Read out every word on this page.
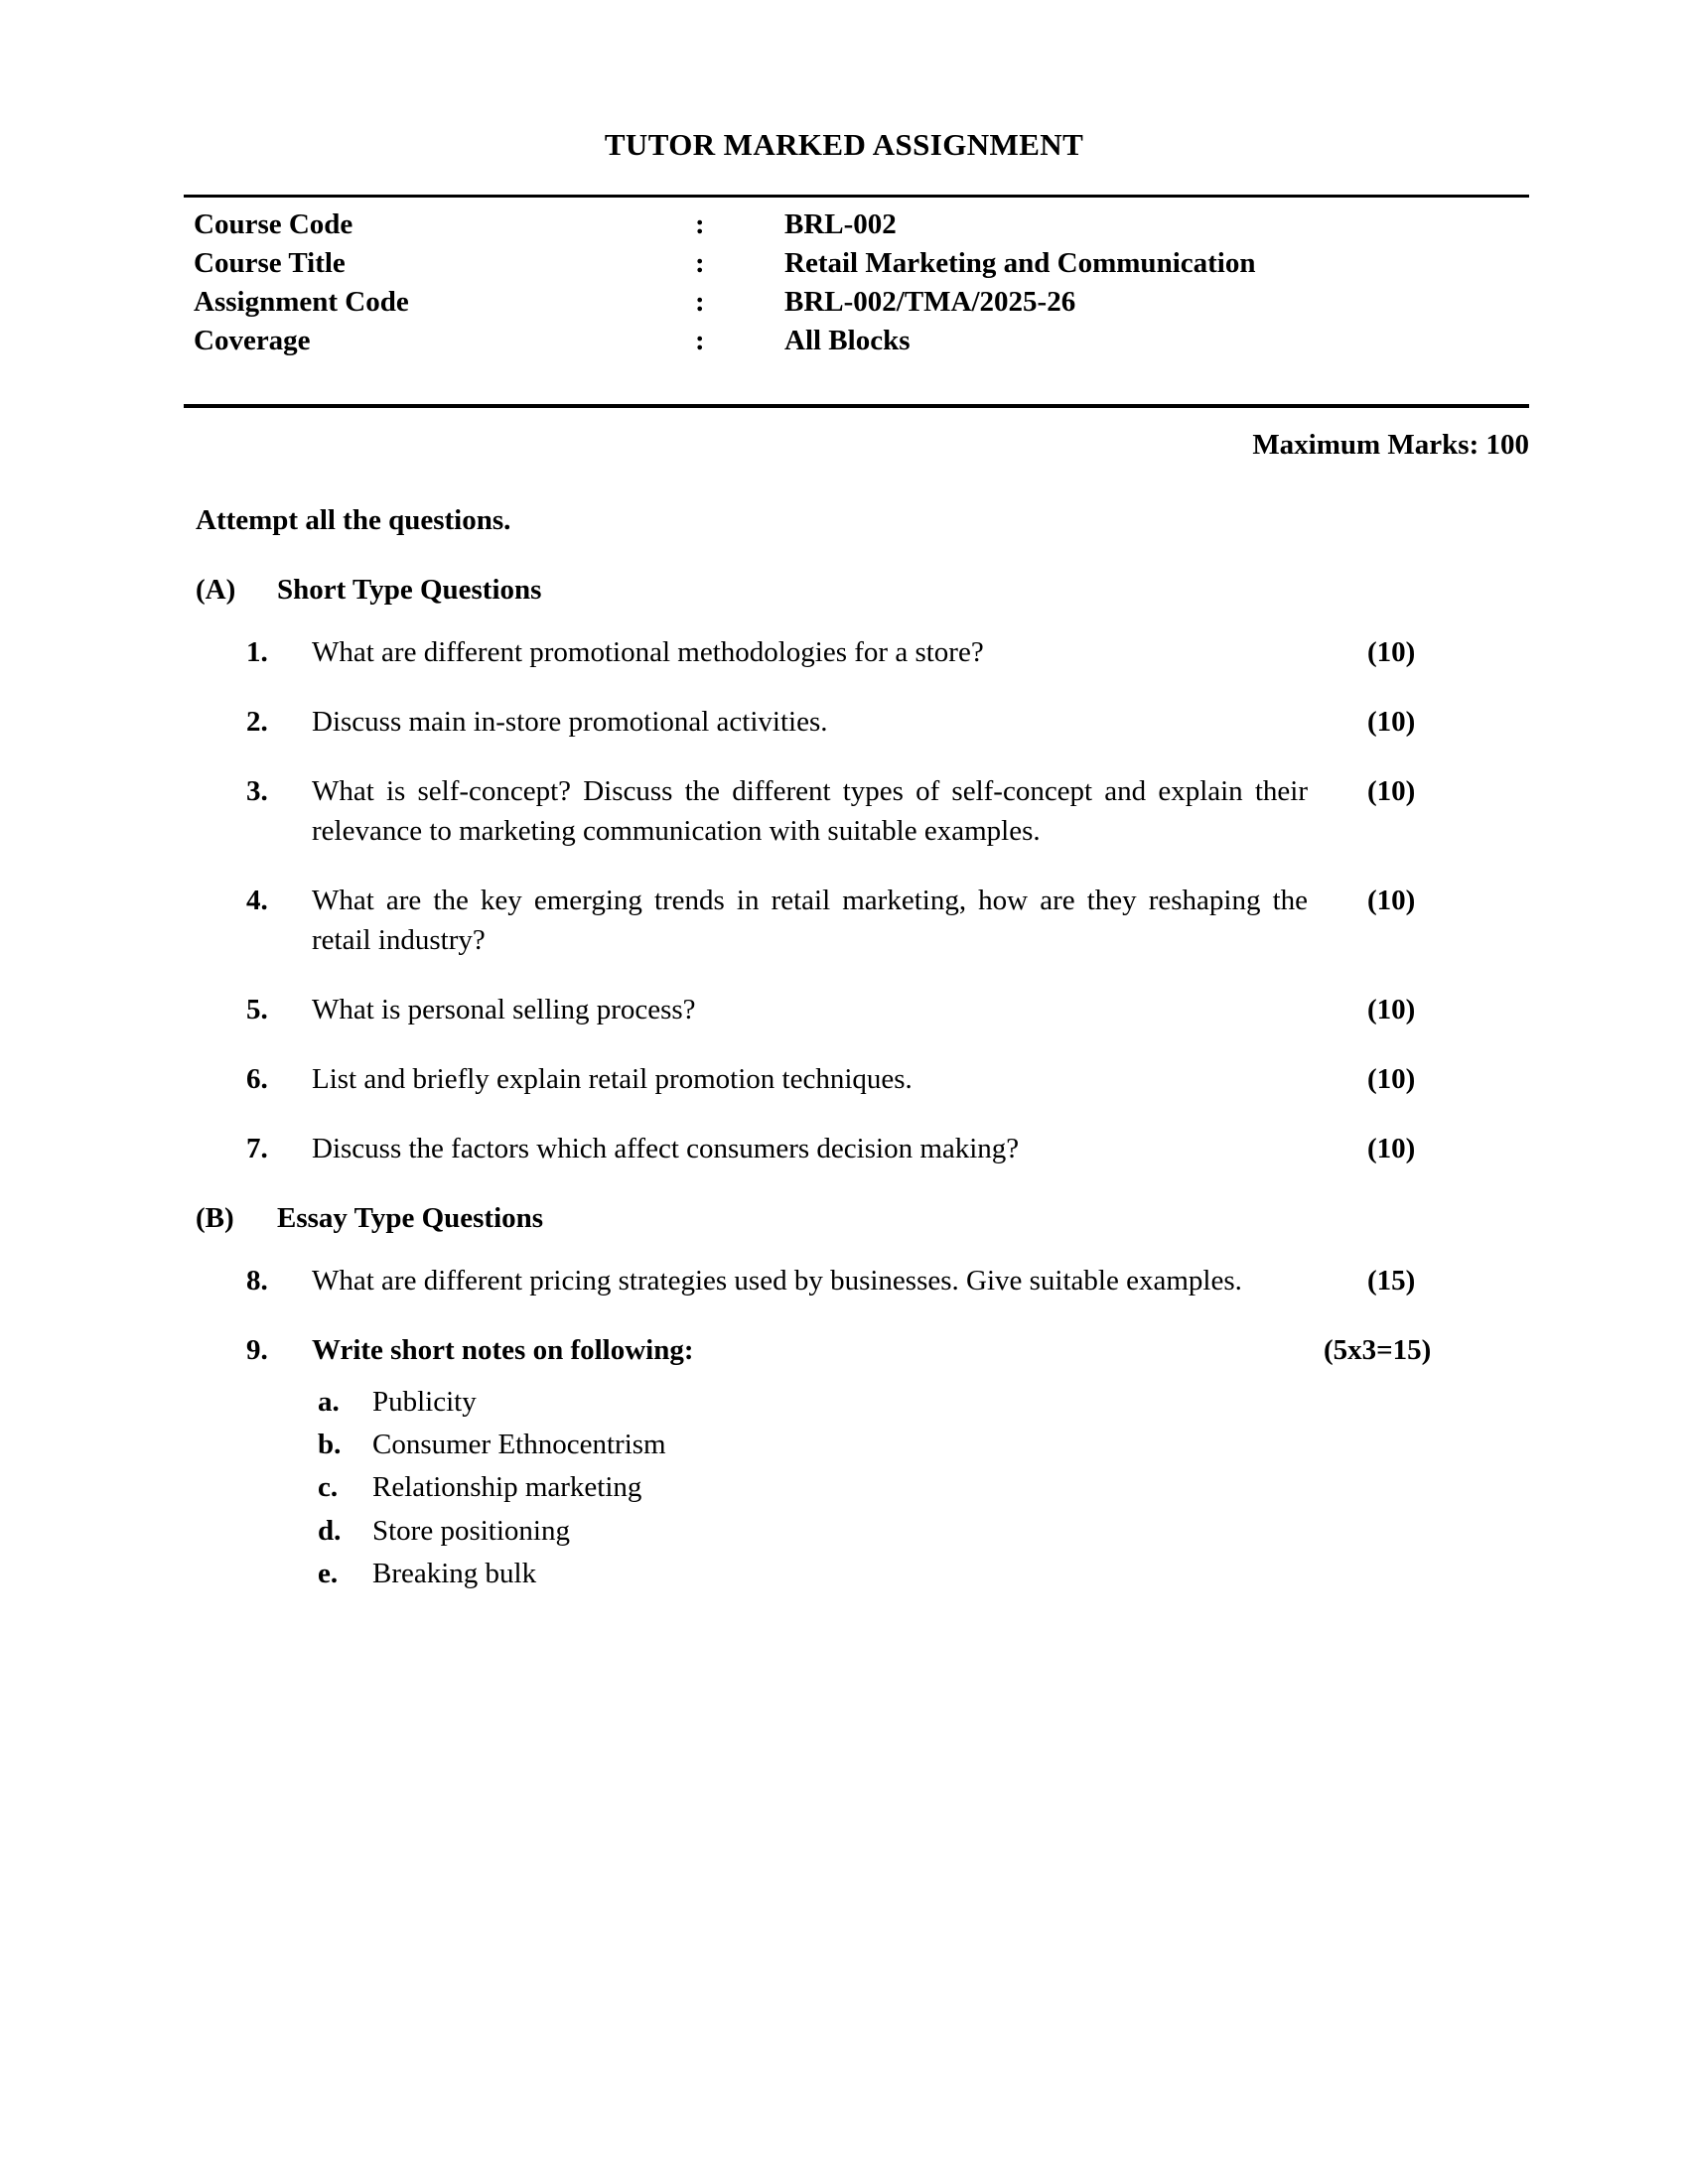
TUTOR MARKED ASSIGNMENT
Course Code	:	BRL-002
Course Title	:	Retail Marketing and Communication
Assignment Code	:	BRL-002/TMA/2025-26
Coverage	:	All Blocks
Maximum Marks: 100
Attempt all the questions.
(A)	Short Type Questions
1.	What are different promotional methodologies for a store?	(10)
2.	Discuss main in-store promotional activities.	(10)
3.	What is self-concept? Discuss the different types of self-concept and explain their relevance to marketing communication with suitable examples.
(10)
4.	What are the key emerging trends in retail marketing, how are they reshaping the retail industry?
(10)
5.	What is personal selling process?	(10)
6.	List and briefly explain retail promotion techniques.	(10)
7.	Discuss the factors which affect consumers decision making?	(10)
(B)	Essay Type Questions
8.	What are different pricing strategies used by businesses. Give suitable examples.	(15)
9.	Write short notes on following:	(5x3=15)
a.	Publicity
b.	Consumer Ethnocentrism
c.	Relationship marketing
d.	Store positioning
e.	Breaking bulk
